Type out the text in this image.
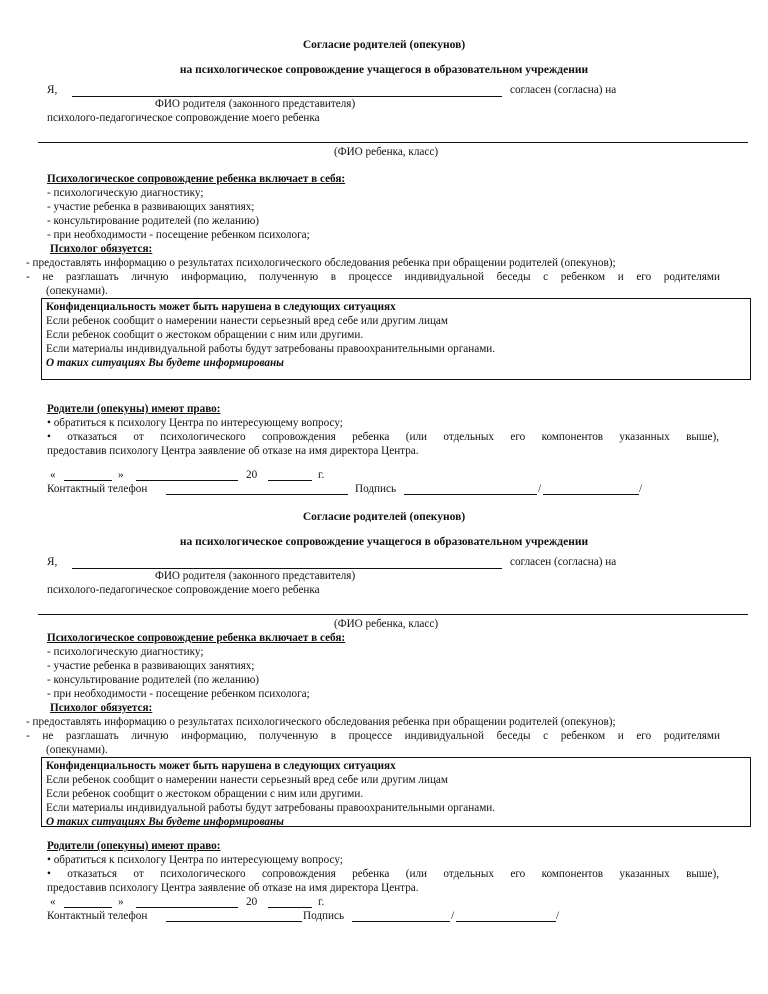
Согласие родителей (опекунов)
на психологическое сопровождение учащегося в образовательном учреждении
Я,	согласен (согласна) на
ФИО родителя (законного представителя)
психолого-педагогическое сопровождение моего ребенка
(ФИО ребенка, класс)
Психологическое сопровождение ребенка включает в себя:
- психологическую диагностику;
- участие ребенка в развивающих занятиях;
- консультирование родителей (по желанию)
- при необходимости - посещение ребенком психолога;
Психолог обязуется:
- предоставлять информацию о результатах психологического обследования ребенка при обращении родителей (опекунов);
- не разглашать личную информацию, полученную в процессе индивидуальной беседы с ребенком и его родителями
(опекунами).
Конфиденциальность может быть нарушена в следующих ситуациях
Если ребенок сообщит о намерении нанести серьезный вред себе или другим лицам
Если ребенок сообщит о жестоком обращении с ним или другими.
Если материалы индивидуальной работы будут затребованы правоохранительными органами.
О таких ситуациях Вы будете информированы
Родители (опекуны) имеют право:
• обратиться к психологу Центра по интересующему вопросу;
• отказаться от психологического сопровождения ребенка (или отдельных его компонентов указанных выше),
предоставив психологу Центра заявление об отказе на имя директора Центра.
«	»	20	г.
Контактный телефон	Подпись	/	/
Согласие родителей (опекунов)
на психологическое сопровождение учащегося в образовательном учреждении
Я,	согласен (согласна) на
ФИО родителя (законного представителя)
психолого-педагогическое сопровождение моего ребенка
(ФИО ребенка, класс)
Психологическое сопровождение ребенка включает в себя:
- психологическую диагностику;
- участие ребенка в развивающих занятиях;
- консультирование родителей (по желанию)
- при необходимости - посещение ребенком психолога;
Психолог обязуется:
- предоставлять информацию о результатах психологического обследования ребенка при обращении родителей (опекунов);
- не разглашать личную информацию, полученную в процессе индивидуальной беседы с ребенком и его родителями
(опекунами).
Конфиденциальность может быть нарушена в следующих ситуациях
Если ребенок сообщит о намерении нанести серьезный вред себе или другим лицам
Если ребенок сообщит о жестоком обращении с ним или другими.
Если материалы индивидуальной работы будут затребованы правоохранительными органами.
О таких ситуациях Вы будете информированы
Родители (опекуны) имеют право:
• обратиться к психологу Центра по интересующему вопросу;
• отказаться от психологического сопровождения ребенка (или отдельных его компонентов указанных выше),
предоставив психологу Центра заявление об отказе на имя директора Центра.
«	»	20	г.
Контактный телефон	Подпись	/	/
